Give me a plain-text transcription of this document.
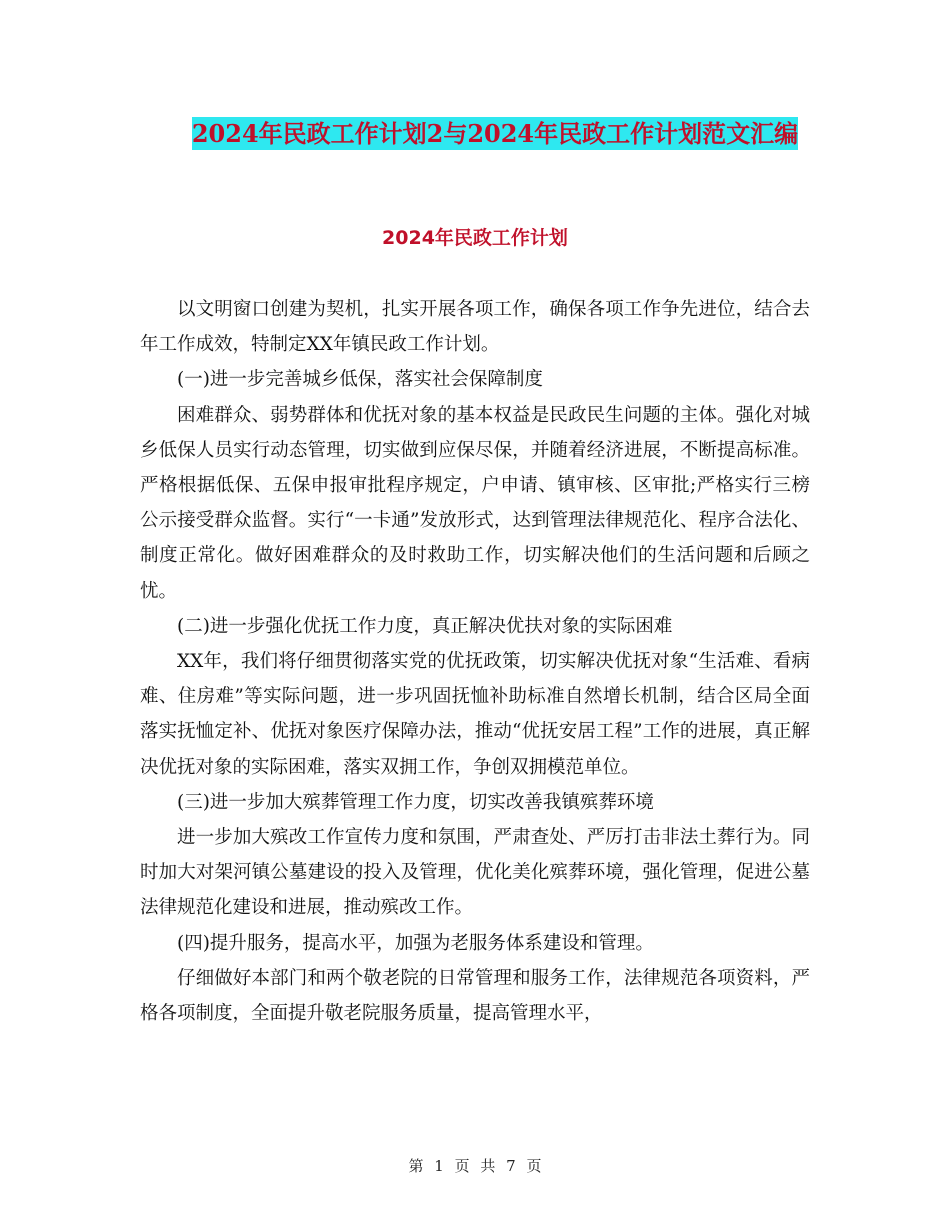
2024年民政工作计划2与2024年民政工作计划范文汇编
2024年民政工作计划

以文明窗口创建为契机，扎实开展各项工作，确保各项工作争先进位，结合去年工作成效，特制定XX年镇民政工作计划。

(一)进一步完善城乡低保，落实社会保障制度

困难群众、弱势群体和优抚对象的基本权益是民政民生问题的主体。强化对城乡低保人员实行动态管理，切实做到应保尽保，并随着经济进展，不断提高标准。严格根据低保、五保申报审批程序规定，户申请、镇审核、区审批;严格实行三榜公示接受群众监督。实行“一卡通”发放形式，达到管理法律规范化、程序合法化、制度正常化。做好困难群众的及时救助工作，切实解决他们的生活问题和后顾之忧。

(二)进一步强化优抚工作力度，真正解决优扶对象的实际困难

XX年，我们将仔细贯彻落实党的优抚政策，切实解决优抚对象“生活难、看病难、住房难”等实际问题，进一步巩固抚恤补助标准自然增长机制，结合区局全面落实抚恤定补、优抚对象医疗保障办法，推动“优抚安居工程”工作的进展，真正解决优抚对象的实际困难，落实双拥工作，争创双拥模范单位。

(三)进一步加大殡葬管理工作力度，切实改善我镇殡葬环境

进一步加大殡改工作宣传力度和氛围，严肃查处、严厉打击非法土葬行为。同时加大对架河镇公墓建设的投入及管理，优化美化殡葬环境，强化管理，促进公墓法律规范化建设和进展，推动殡改工作。

(四)提升服务，提高水平，加强为老服务体系建设和管理。

仔细做好本部门和两个敬老院的日常管理和服务工作，法律规范各项资料，严格各项制度，全面提升敬老院服务质量，提高管理水平，

第 1 页 共 7 页
